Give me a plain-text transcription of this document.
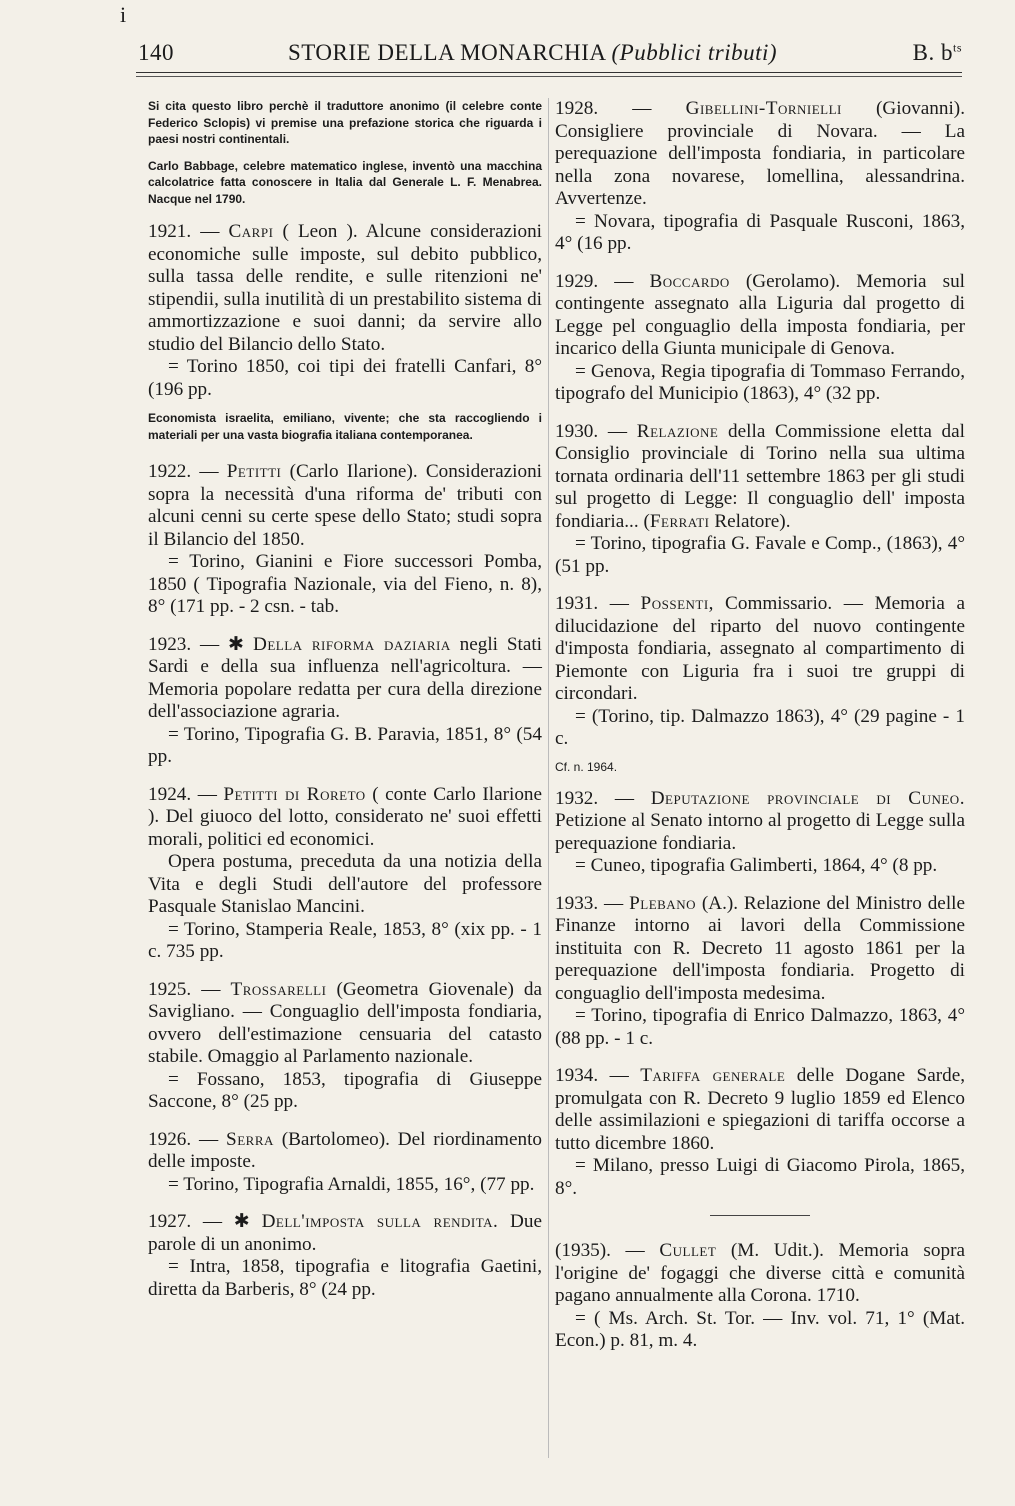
i
140	STORIE DELLA MONARCHIA (Pubblici tributi)	B. $b^{ts}$

Si cita questo libro perchè il traduttore anonimo (il celebre conte Federico Sclopis) vi premise una prefazione storica che riguarda i paesi nostri continentali.

Carlo Babbage, celebre matematico inglese, inventò una macchina calcolatrice fatta conoscere in Italia dal Generale L. F. Menabrea. Nacque nel 1790.

1921. — Carpi ( Leon ). Alcune considerazioni economiche sulle imposte, sul debito pubblico, sulla tassa delle rendite, e sulle ritenzioni ne' stipendii, sulla inutilità di un prestabilito sistema di ammortizzazione e suoi danni; da servire allo studio del Bilancio dello Stato.

= Torino 1850, coi tipi dei fratelli Canfari, 8° (196 pp.

Economista israelita, emiliano, vivente; che sta raccogliendo i materiali per una vasta biografia italiana contemporanea.

1922. — Petitti (Carlo Ilarione). Considerazioni sopra la necessità d'una riforma de' tributi con alcuni cenni su certe spese dello Stato; studi sopra il Bilancio del 1850.

= Torino, Gianini e Fiore successori Pomba, 1850 ( Tipografia Nazionale, via del Fieno, n. 8), 8° (171 pp. - 2 csn. - tab.

1923. — ✱ Della riforma daziaria negli Stati Sardi e della sua influenza nell'agricoltura. — Memoria popolare redatta per cura della direzione dell'associazione agraria.

= Torino, Tipografia G. B. Paravia, 1851, 8° (54 pp.

1924. — Petitti di Roreto ( conte Carlo Ilarione ). Del giuoco del lotto, considerato ne' suoi effetti morali, politici ed economici.

Opera postuma, preceduta da una notizia della Vita e degli Studi dell'autore del professore Pasquale Stanislao Mancini.

= Torino, Stamperia Reale, 1853, 8° (xix pp. - 1 c. 735 pp.

1925. — Trossarelli (Geometra Giovenale) da Savigliano. — Conguaglio dell'imposta fondiaria, ovvero dell'estimazione censuaria del catasto stabile. Omaggio al Parlamento nazionale.

= Fossano, 1853, tipografia di Giuseppe Saccone, 8° (25 pp.

1926. — Serra (Bartolomeo). Del riordinamento delle imposte.

= Torino, Tipografia Arnaldi, 1855, 16°, (77 pp.

1927. — ✱ Dell'imposta sulla rendita. Due parole di un anonimo.

= Intra, 1858, tipografia e litografia Gaetini, diretta da Barberis, 8° (24 pp.

1928. — Gibellini-Tornielli (Giovanni). Consigliere provinciale di Novara. — La perequazione dell'imposta fondiaria, in particolare nella zona novarese, lomellina, alessandrina. Avvertenze.

= Novara, tipografia di Pasquale Rusconi, 1863, 4° (16 pp.

1929. — Boccardo (Gerolamo). Memoria sul contingente assegnato alla Liguria dal progetto di Legge pel conguaglio della imposta fondiaria, per incarico della Giunta municipale di Genova.

= Genova, Regia tipografia di Tommaso Ferrando, tipografo del Municipio (1863), 4° (32 pp.

1930. — Relazione della Commissione eletta dal Consiglio provinciale di Torino nella sua ultima tornata ordinaria dell'11 settembre 1863 per gli studi sul progetto di Legge: Il conguaglio dell' imposta fondiaria... (Ferrati Relatore).

= Torino, tipografia G. Favale e Comp., (1863), 4° (51 pp.

1931. — Possenti, Commissario. — Memoria a dilucidazione del riparto del nuovo contingente d'imposta fondiaria, assegnato al compartimento di Piemonte con Liguria fra i suoi tre gruppi di circondari.

= (Torino, tip. Dalmazzo 1863), 4° (29 pagine - 1 c.

Cf. n. 1964.

1932. — Deputazione provinciale di Cuneo. Petizione al Senato intorno al progetto di Legge sulla perequazione fondiaria.

= Cuneo, tipografia Galimberti, 1864, 4° (8 pp.

1933. — Plebano (A.). Relazione del Ministro delle Finanze intorno ai lavori della Commissione instituita con R. Decreto 11 agosto 1861 per la perequazione dell'imposta fondiaria. Progetto di conguaglio dell'imposta medesima.

= Torino, tipografia di Enrico Dalmazzo, 1863, 4° (88 pp. - 1 c.

1934. — Tariffa generale delle Dogane Sarde, promulgata con R. Decreto 9 luglio 1859 ed Elenco delle assimilazioni e spiegazioni di tariffa occorse a tutto dicembre 1860.

= Milano, presso Luigi di Giacomo Pirola, 1865, 8°.

(1935). — Cullet (M. Udit.). Memoria sopra l'origine de' fogaggi che diverse città e comunità pagano annualmente alla Corona. 1710.

= ( Ms. Arch. St. Tor. — Inv. vol. 71, 1° (Mat. Econ.) p. 81, m. 4.
